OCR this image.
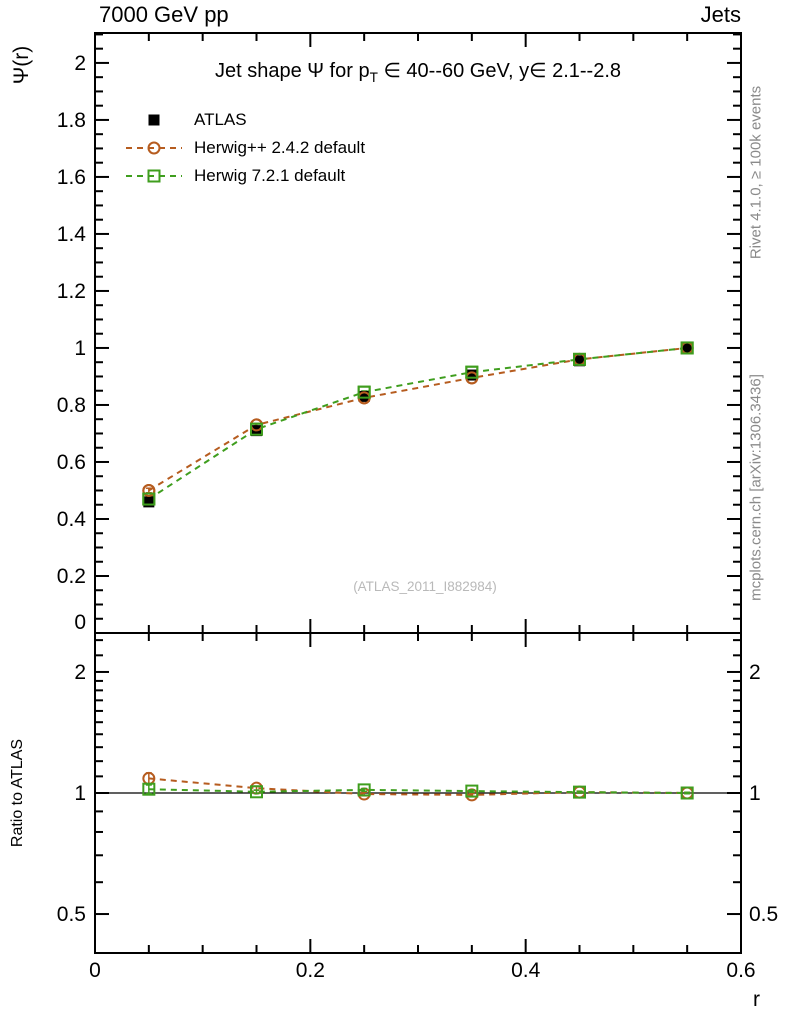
0	0.2	0.4	0.6
0
0.2
0.4
0.6
0.8
1
1.2
1.4
1.6
1.8
2
0.5	0.5
1	1
2	2
7000 GeV pp	Jets
Jet shape Ψ for $p_T$ ∈ 40--60 GeV, y∈ 2.1--2.8
ATLAS
Herwig++ 2.4.2 default
Herwig 7.2.1 default
(ATLAS_2011_I882984)
Ψ(r)
Ratio to ATLAS
r
Rivet 4.1.0, ≥ 100k events
mcplots.cern.ch [arXiv:1306.3436]
